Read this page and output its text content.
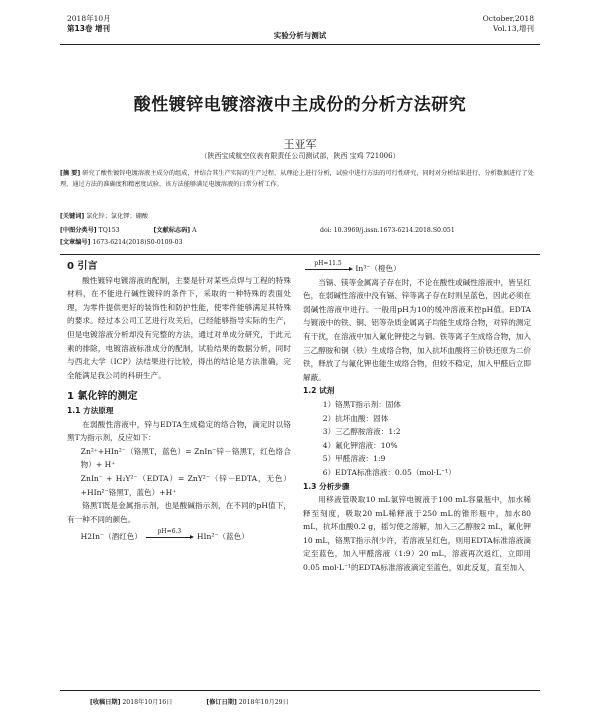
2018年10月
第13卷 增刊
实验分析与测试
October,2018
Vol.13,增刊
酸性镀锌电镀溶液中主成份的分析方法研究
王亚军
（陕西宝成航空仪表有限责任公司测试部，陕西 宝鸡 721006）
[摘 要] 研究了酸性镀锌电镀溶液主成分的组成，并结合其生产实际的生产过程，从理论上进行分析，试验中进行方法的可行性研究，同时对分析结果进行，分析数据进行了处理，通过方法的准确度和精密度试验，该方法能够满足电镀溶液的日常分析工作。
[关键词] 氯化锌；氯化钾；硼酸
[中图分类号] TQ153	[文献标志码] A	doi: 10.3969/j.issn.1673-6214.2018.S0.051
[文章编号] 1673-6214(2018)S0-0109-03

0 引言

酸性镀锌电镀溶液的配制，主要是针对某些点焊与工程的特殊材料，在不能进行碱性镀锌的条件下，采取的一种特殊的表面处理，为零件提供更好的装饰性和防护性能，使零件能够满足其特殊的要求。经过本公司工艺进行攻关后，已经能够指导实际的生产，但是电镀溶液分析却没有完整的方法，通过对单成分研究，于此元素的排除，电镀溶液标准成分的配制，试验结果的数据分析，同时与西北大学（ICP）法结果进行比较，得出的结论是方法准确，完全能满足我公司的科研生产。

1 氯化锌的测定

1.1 方法原理

在弱酸性溶液中，锌与EDTA生成稳定的络合物，滴定时以铬黑T为指示剂，反应如下：

Zn²⁺+HIn²⁻（铬黑T，蓝色）= ZnIn⁻锌－铬黑T，红色络合物）+ H⁺

ZnIn⁻ + H₂Y²⁻（EDTA）= ZnY²⁻（锌－EDTA，无色）+HIn²⁻铬黑T，蓝色）+H⁺

铬黑T既是金属指示剂，也是酸碱指示剂，在不同的pH值下，有一种不同的颜色。

H2In⁻（酒红色）
pH=6.3
HIn²⁻（蓝色）

pH=11.5
In³⁻（橙色）

当镉、镁等金属离子存在时，不论在酸性或碱性溶液中，皆呈红色，在弱碱性溶液中没有镉、锌等离子存在时则呈蓝色，因此必须在弱碱性溶液中进行。一般用pH为10的缓冲溶液来控pH值。EDTA与镀液中的铁、铜、铝等杂质金属离子均能生成络合物，对锌的测定有干扰，在溶液中加入氟化钾使之与铜、铁等离子生成络合物，加入三乙醇胺和铜（铁）生成络合物，加入抗坏血酸将三价铁还原为二价铁，释放了与氟化钾也能生成络合物，但较不稳定，加入甲醛后立即解蔽。

1.2 试剂

1）铬黑T指示剂：固体

2）抗坏血酸：固体

3）三乙醇胺溶液：1:2

4）氟化钾溶液：10%

5）甲醛溶液：1:9

6）EDTA标准溶液：0.05（mol·L⁻¹）

1.3 分析步骤

用移液管吸取10 mL氯锌电镀液于100 mL容量瓶中，加水稀释至刻度，吸取20 mL稀释液于250 mL的锥形瓶中，加水80 mL，抗坏血酸0.2 g，摇匀使之溶解，加入三乙醇胺2 mL，氟化钾10 mL，铬黑T指示剂少许，若溶液呈红色，则用EDTA标准溶液滴定至蓝色，加入甲醛溶液（1:9）20 mL，溶液再次返红，立即用0.05 mol·L⁻¹的EDTA标准溶液滴定至蓝色，如此反复，直至加入

[收稿日期] 2018年10月16日	[修订日期] 2018年10月29日
